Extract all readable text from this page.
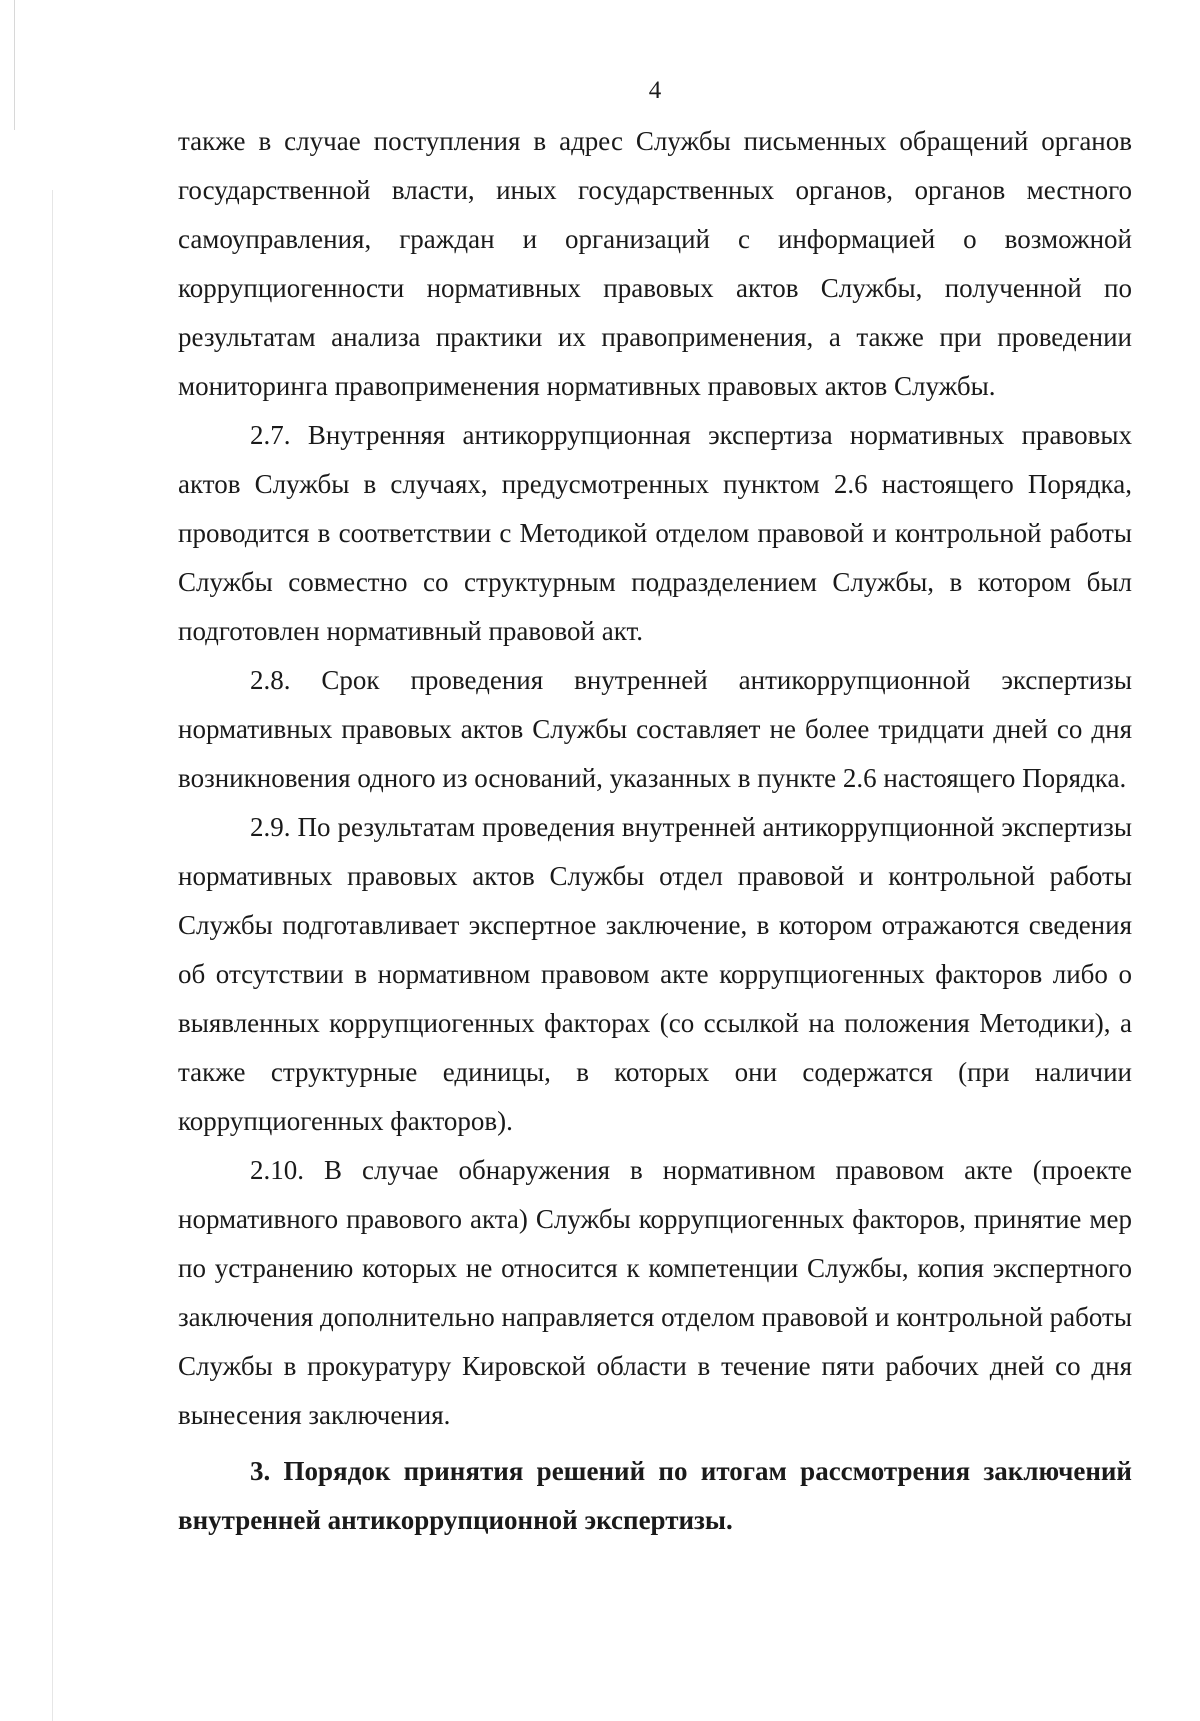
4

также в случае поступления в адрес Службы письменных обращений органов государственной власти, иных государственных органов, органов местного самоуправления, граждан и организаций с информацией о возможной коррупциогенности нормативных правовых актов Службы, полученной по результатам анализа практики их правоприменения, а также при проведении мониторинга правоприменения нормативных правовых актов Службы.

2.7. Внутренняя антикоррупционная экспертиза нормативных правовых актов Службы в случаях, предусмотренных пунктом 2.6 настоящего Порядка, проводится в соответствии с Методикой отделом правовой и контрольной работы Службы совместно со структурным подразделением Службы, в котором был подготовлен нормативный правовой акт.

2.8. Срок проведения внутренней антикоррупционной экспертизы нормативных правовых актов Службы составляет не более тридцати дней со дня возникновения одного из оснований, указанных в пункте 2.6 настоящего Порядка.

2.9. По результатам проведения внутренней антикоррупционной экспертизы нормативных правовых актов Службы отдел правовой и контрольной работы Службы подготавливает экспертное заключение, в котором отражаются сведения об отсутствии в нормативном правовом акте коррупциогенных факторов либо о выявленных коррупциогенных факторах (со ссылкой на положения Методики), а также структурные единицы, в которых они содержатся (при наличии коррупциогенных факторов).

2.10. В случае обнаружения в нормативном правовом акте (проекте нормативного правового акта) Службы коррупциогенных факторов, принятие мер по устранению которых не относится к компетенции Службы, копия экспертного заключения дополнительно направляется отделом правовой и контрольной работы Службы в прокуратуру Кировской области в течение пяти рабочих дней со дня вынесения заключения.

3. Порядок принятия решений по итогам рассмотрения заключений внутренней антикоррупционной экспертизы.
